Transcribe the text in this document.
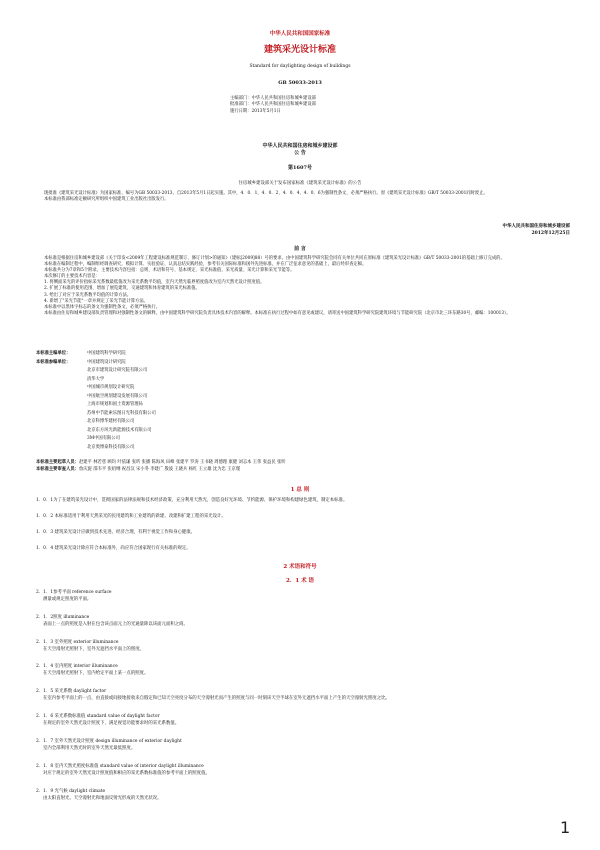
中华人民共和国国家标准
建筑采光设计标准
Standard for daylighting design of buildings
GB 50033-2013
主编部门：中华人民共和国住房和城乡建设部
批准部门：中华人民共和国住房和城乡建设部
施行日期：2013年5月1日
中华人民共和国住房和城乡建设部
公 告
第1607号
住房城乡建设部关于发布国家标准《建筑采光设计标准》的公告

现批准《建筑采光设计标准》为国家标准，编号为GB 50033-2013，自2013年5月1日起实施。其中，4．0．1、4．0．2、4．0．4、4．0．6为强制性条文，必须严格执行。原《建筑采光设计标准》GB/T 50033-2001同时废止。

本标准由我部标准定额研究所组织中国建筑工业出版社出版发行。

中华人民共和国住房和城乡建设部
2012年12月25日
前 言

本标准是根据住房和城乡建设部《关于印发<2009年工程建设标准规范制订、修订计划>的通知》（建标[2009]88）号的要求，由中国建筑科学研究院会同有关单位共同在原标准《建筑采光设计标准》GB/T 50033-2001的基础上修订完成的。

本标准在编制过程中，编制组经调查研究，模拟计算、实验验证，认真总结实践经验，参考有关国际标准和国外先进标准，并在广泛征求意见的基础上，最后经审查定稿。

本标准共分为7章和5个附录，主要技术内容包括：总则、术语和符号、基本规定、采光标准值、采光质量、采光计算和采光节能等。

本次修订的主要技术内容是：

1. 将侧面采光的评价指标采光系数最低值改为采光系数平均值，室内天然光临界照度值改为室内天然光设计照度值。

2. 扩展了标准的使用范围，增加了展览建筑、交通建筑和体育建筑的采光标准值。

3. 给出了对应于采光系数平均值的计算方法。

4. 新增了"采光节能"一章并规定了采光节能计算方法。

本标准中以黑体字标志的条文为强制性条文，必须严格执行。

本标准由住房和城乡建设部负责管理和对强制性条文的解释，由中国建筑科学研究院负责具体技术内容的解释。本标准在执行过程中如有意见或建议，请寄送中国建筑科学研究院建筑环境与节能研究院（北京市北三环东路30号，邮编：100013）。

本标准主编单位：	中国建筑科学研究院
本标准参编单位：	中国建筑设计研究院
北京市建筑设计研究院有限公司
清华大学
中国城市规划设计研究院
中国航空规划建设发展有限公司
上海市规划和国土资源管理局
苏州中节能索乐图日光科技有限公司
北京科博华建材有限公司
北京东方风光新能源技术有限公司
3M中国有限公司
北京奥博泰科技有限公司
本标准主要起草人员：赵建平 林若慈 顾均 叶依谦 张昕 张播 陈海风 田峰 张建平 罗涛 王书晓 周德理 康健 刘志本 王伟 张益民 张昕
本标准主要审查人员：詹庆旋 邵韦平 张绍纲 祝昌汉 宋小冬 李建广 殷波 王晓兵 杨红 王立雄 沈为忠 王京瑾
1 总 则
1．0．1为了在建筑采光设计中，贯彻国家的法律法规和技术经济政策，充分利用天然光，创造良好光环境、节约能源、保护环境和构建绿色建筑，制定本标准。
1．0．2 本标准适用于利用天然采光的民用建筑和工业建筑的新建、改建和扩建工程的采光设计。
1．0．3 建筑采光设计应做到技术先进、经济合理，有利于视觉工作和身心健康。
1．0．4 建筑采光设计除应符合本标准外，尚应符合国家现行有关标准的规定。
2 术语和符号
2．1 术 语

2．1．1参考平面 reference surface

测量或规定照度的平面。

2．1．2照度 illuminance

表面上一点的照度是入射在包含该点面元上的光通量除以该面元面积之商。

2．1．3 室外照度 exterior illuminance

在天空漫射光照射下，室外无遮挡水平面上的照度。

2．1．4 室内照度 interior illuminance

在天空漫射光照射下，室内给定平面上某一点的照度。

2．1．5 采光系数 daylight factor

在室内参考平面上的一点，由直接或间接地接收来自假定和已知天空亮度分布的天空漫射光而产生的照度与同一时刻该天空半球在室外无遮挡水平面上产生的天空漫射光照度之比。

2．1．6 采光系数标准值 standard value of daylight factor

在规定的室外天然光设计照度下，满足视觉功能要求时的采光系数值。

2．1．7 室外天然光设计照度 design illuminance of exterior daylight

室内全部利用天然光时的室外天然光最低照度。

2．1．8 室内天然光照度标准值 standard value of interior daylight illuminance

对应于规定的室外天然光设计照度值和相应的采光系数标准值的参考平面上的照度值。

2．1．9 光气候 daylight climate

由太阳直射光、天空漫射光和地面反射光形成的天然光状况。

1
